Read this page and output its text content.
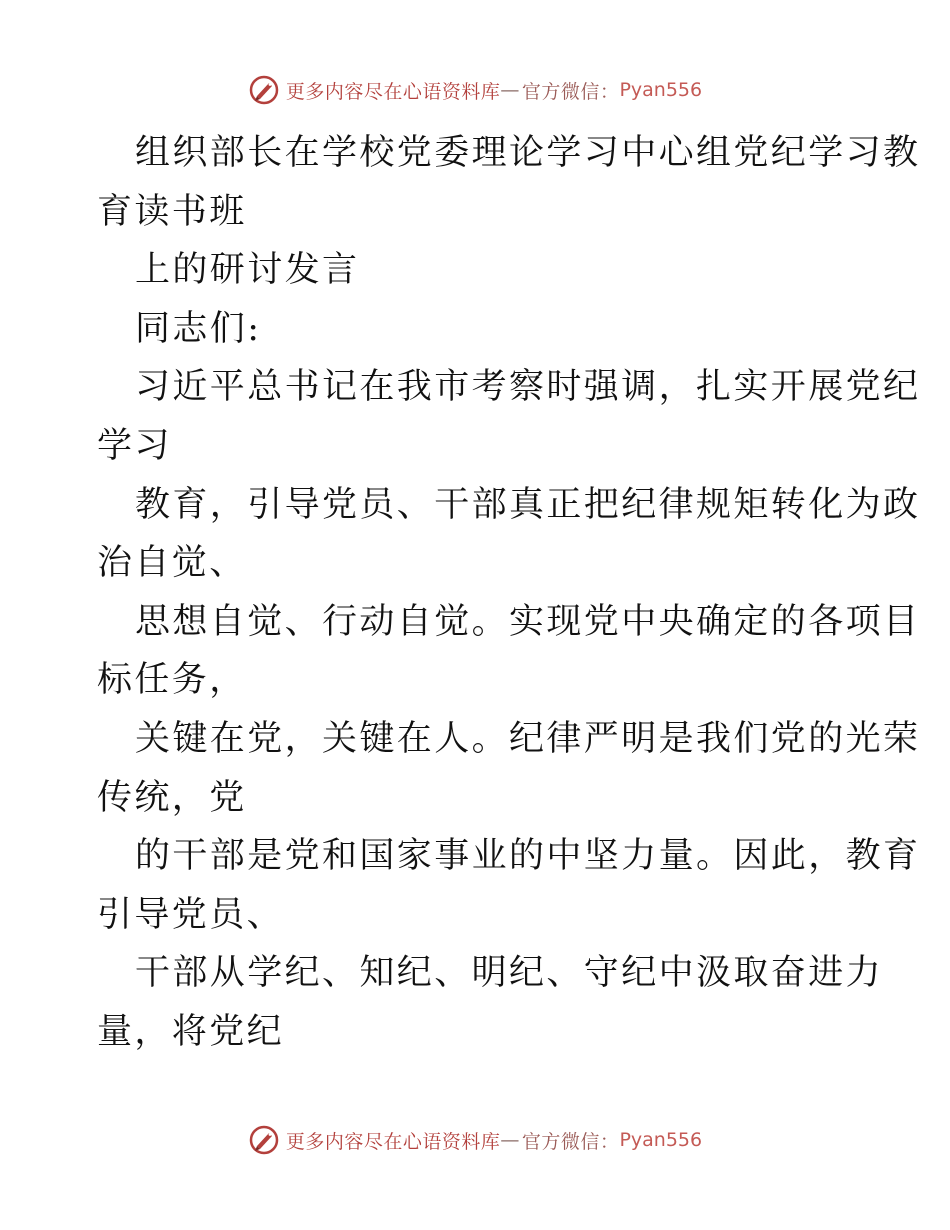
更多内容尽在心语资料库 — 官方微信： Pyan556
组织部长在学校党委理论学习中心组党纪学习教
育读书班
上的研讨发言
同志们:
习近平总书记在我市考察时强调，扎实开展党纪
学习
教育，引导党员、干部真正把纪律规矩转化为政
治自觉、
思想自觉、行动自觉。实现党中央确定的各项目
标任务，
关键在党，关键在人。纪律严明是我们党的光荣
传统，党
的干部是党和国家事业的中坚力量。因此，教育
引导党员、
干部从学纪、知纪、明纪、守纪中汲取奋进力
量，将党纪
更多内容尽在心语资料库 — 官方微信： Pyan556
